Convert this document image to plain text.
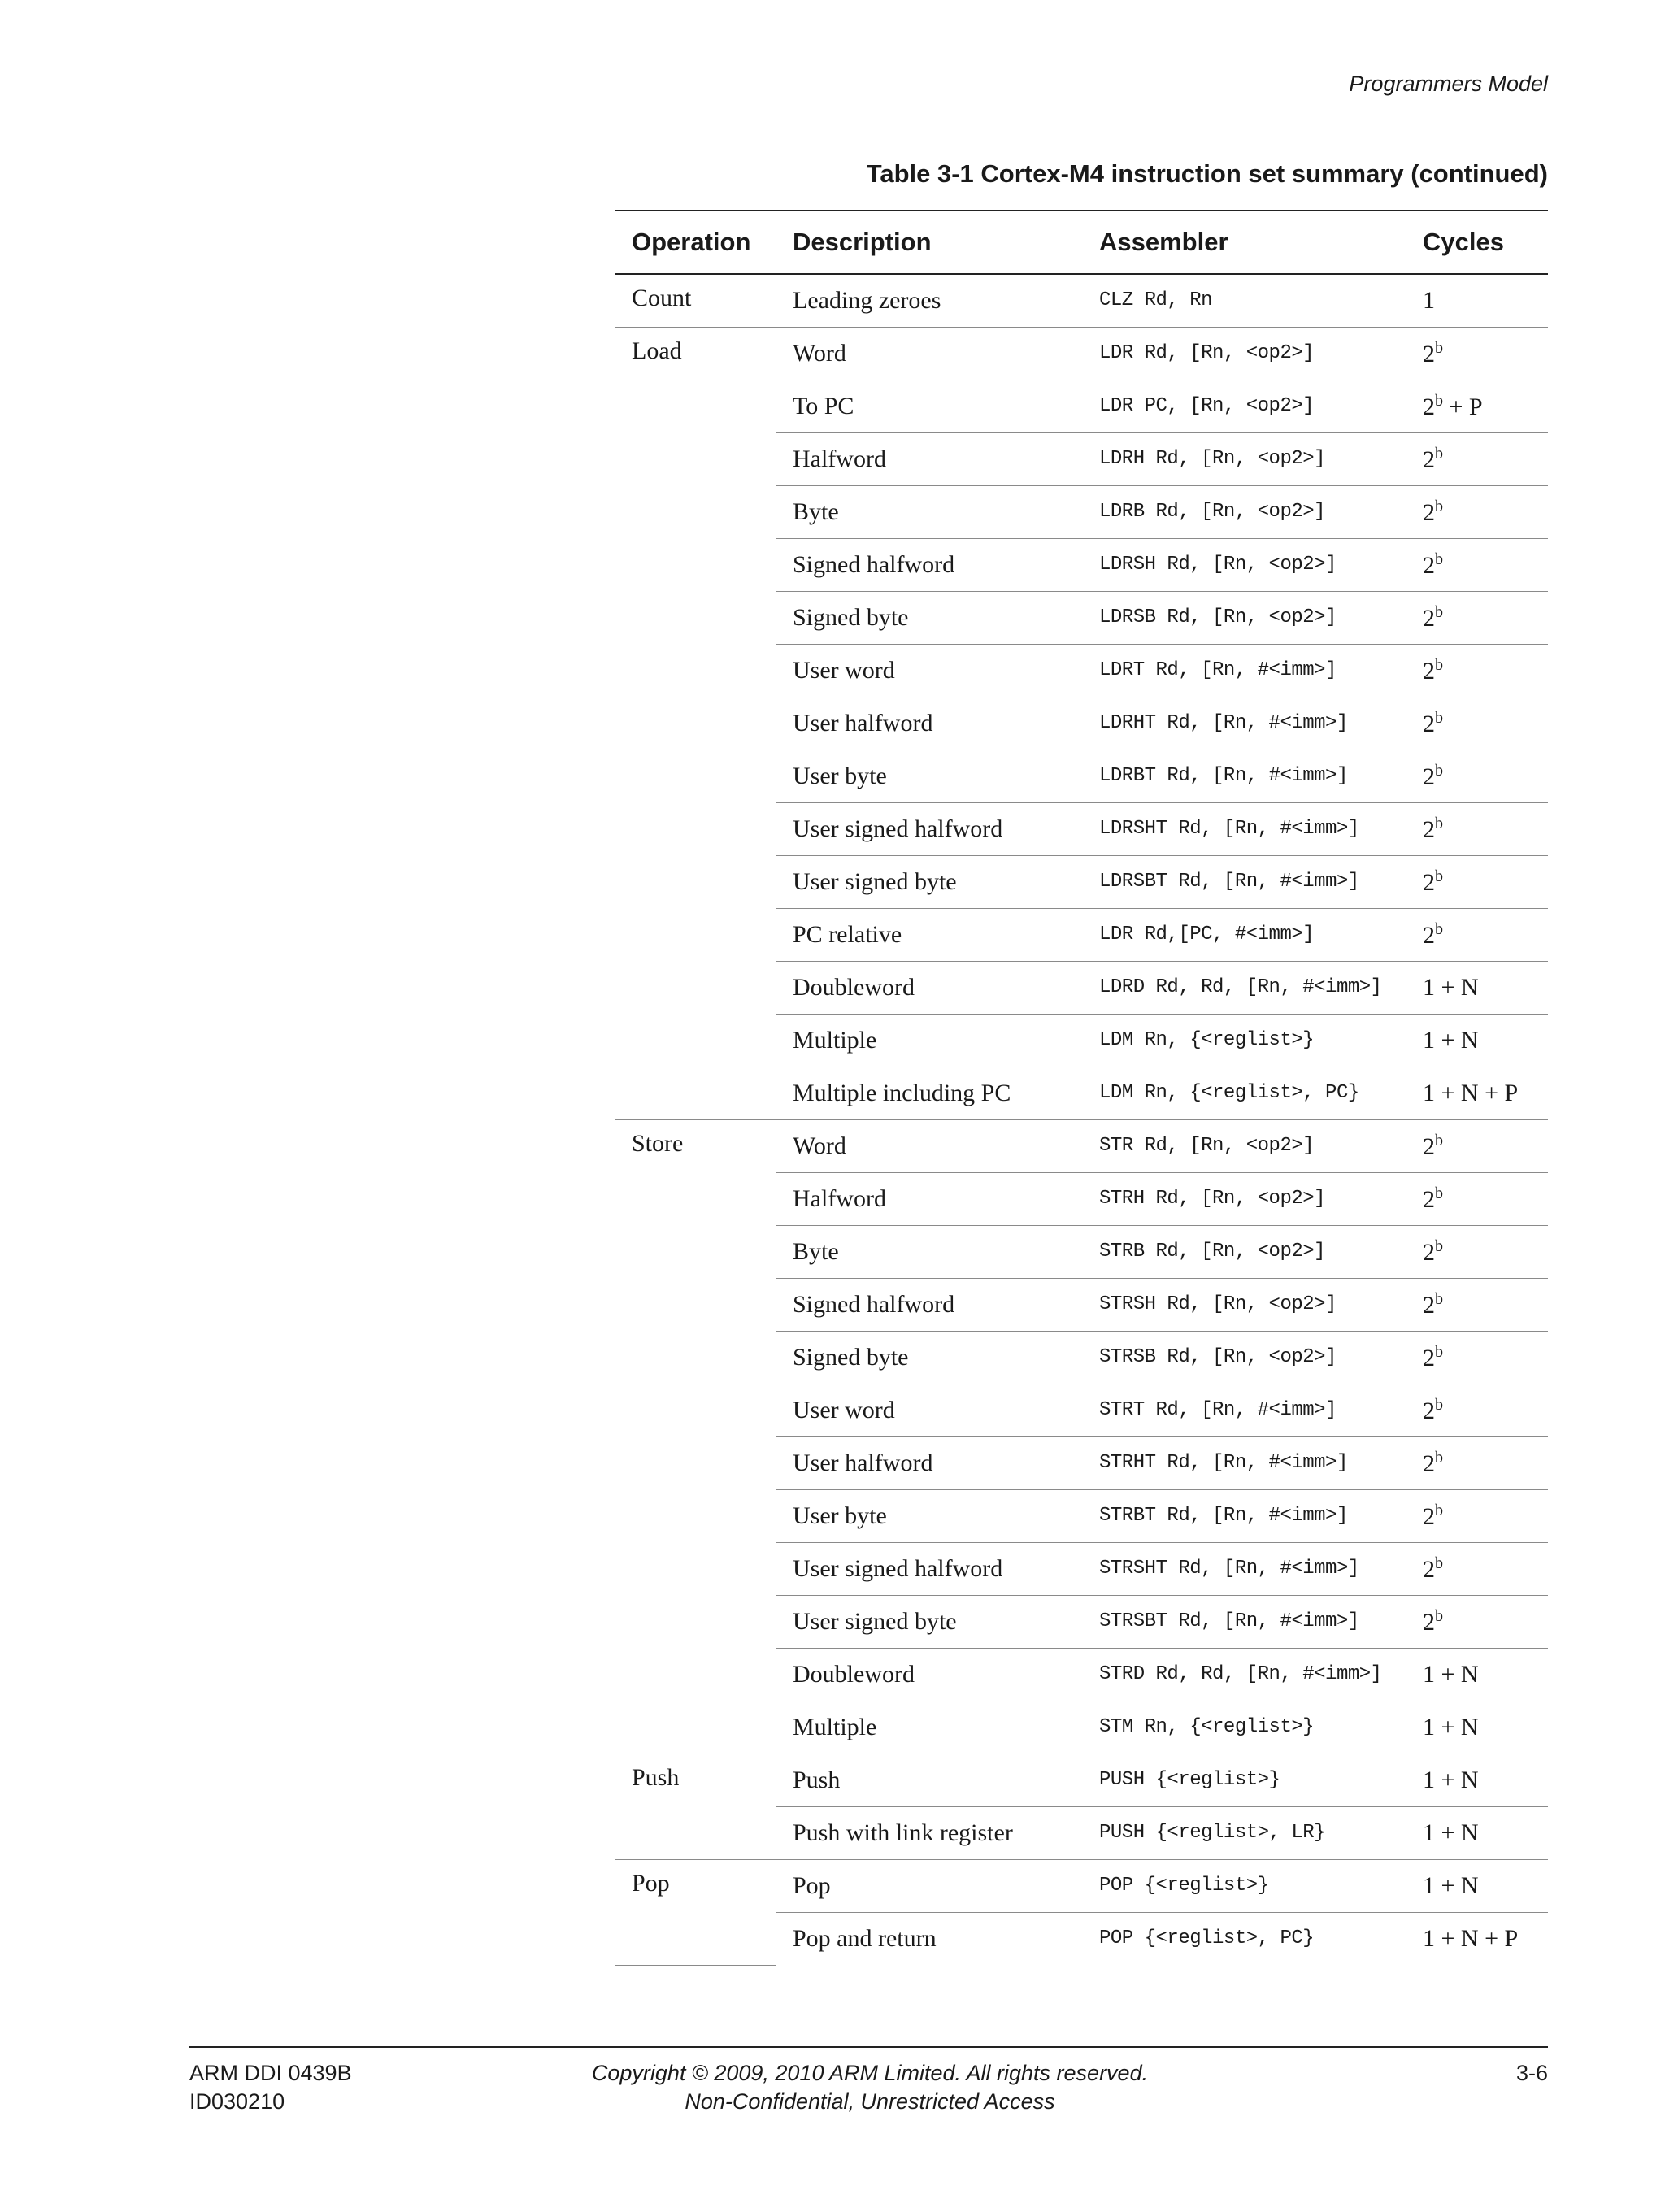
Programmers Model
Table 3-1 Cortex-M4 instruction set summary (continued)
Operation	Description	Assembler	Cycles
Count	Leading zeroes	CLZ Rd, Rn	1
Load	Word	LDR Rd, [Rn, <op2>]	2$^b$
	To PC	LDR PC, [Rn, <op2>]	$2^b + P$
	Halfword	LDRH Rd, [Rn, <op2>]	2$^b$
	Byte	LDRB Rd, [Rn, <op2>]	2$^b$
	Signed halfword	LDRSH Rd, [Rn, <op2>]	2$^b$
	Signed byte	LDRSB Rd, [Rn, <op2>]	2$^b$
	User word	LDRT Rd, [Rn, #<imm>]	2$^b$
	User halfword	LDRHT Rd, [Rn, #<imm>]	2$^b$
	User byte	LDRBT Rd, [Rn, #<imm>]	2$^b$
	User signed halfword	LDRSHT Rd, [Rn, #<imm>]	2$^b$
	User signed byte	LDRSBT Rd, [Rn, #<imm>]	2$^b$
	PC relative	LDR Rd,[PC, #<imm>]	2$^b$
	Doubleword	LDRD Rd, Rd, [Rn, #<imm>]	1 + N
	Multiple	LDM Rn, {<reglist>}	1 + N
	Multiple including PC	LDM Rn, {<reglist>, PC}	1 + N + P
Store	Word	STR Rd, [Rn, <op2>]	2$^b$
	Halfword	STRH Rd, [Rn, <op2>]	2$^b$
	Byte	STRB Rd, [Rn, <op2>]	2$^b$
	Signed halfword	STRSH Rd, [Rn, <op2>]	2$^b$
	Signed byte	STRSB Rd, [Rn, <op2>]	2$^b$
	User word	STRT Rd, [Rn, #<imm>]	2$^b$
	User halfword	STRHT Rd, [Rn, #<imm>]	2$^b$
	User byte	STRBT Rd, [Rn, #<imm>]	2$^b$
	User signed halfword	STRSHT Rd, [Rn, #<imm>]	2$^b$
	User signed byte	STRSBT Rd, [Rn, #<imm>]	2$^b$
	Doubleword	STRD Rd, Rd, [Rn, #<imm>]	1 + N
	Multiple	STM Rn, {<reglist>}	1 + N
Push	Push	PUSH {<reglist>}	1 + N
	Push with link register	PUSH {<reglist>, LR}	1 + N
Pop	Pop	POP {<reglist>}	1 + N
	Pop and return	POP {<reglist>, PC}	1 + N + P
ARM DDI 0439B
ID030210
Copyright © 2009, 2010 ARM Limited. All rights reserved.
Non-Confidential, Unrestricted Access
3-6
